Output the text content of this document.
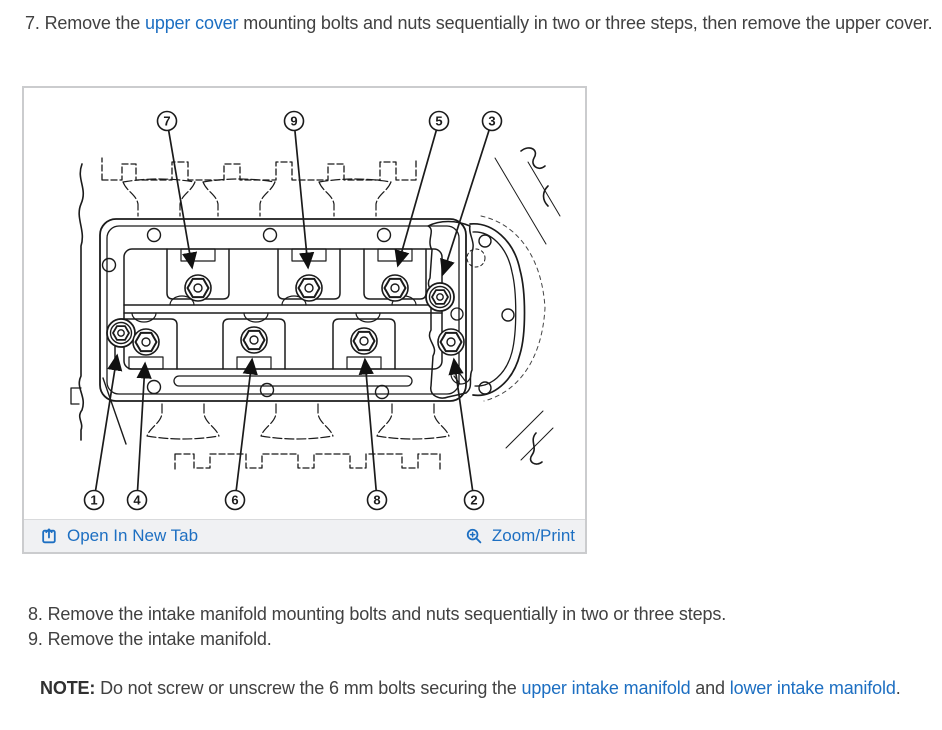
7. Remove the upper cover mounting bolts and nuts sequentially in two or three steps, then remove the upper cover.
7	9	5	3
1	4	6	8	2
Open In New Tab	Zoom/Print
8. Remove the intake manifold mounting bolts and nuts sequentially in two or three steps.
9. Remove the intake manifold.
NOTE: Do not screw or unscrew the 6 mm bolts securing the upper intake manifold and lower intake manifold.
